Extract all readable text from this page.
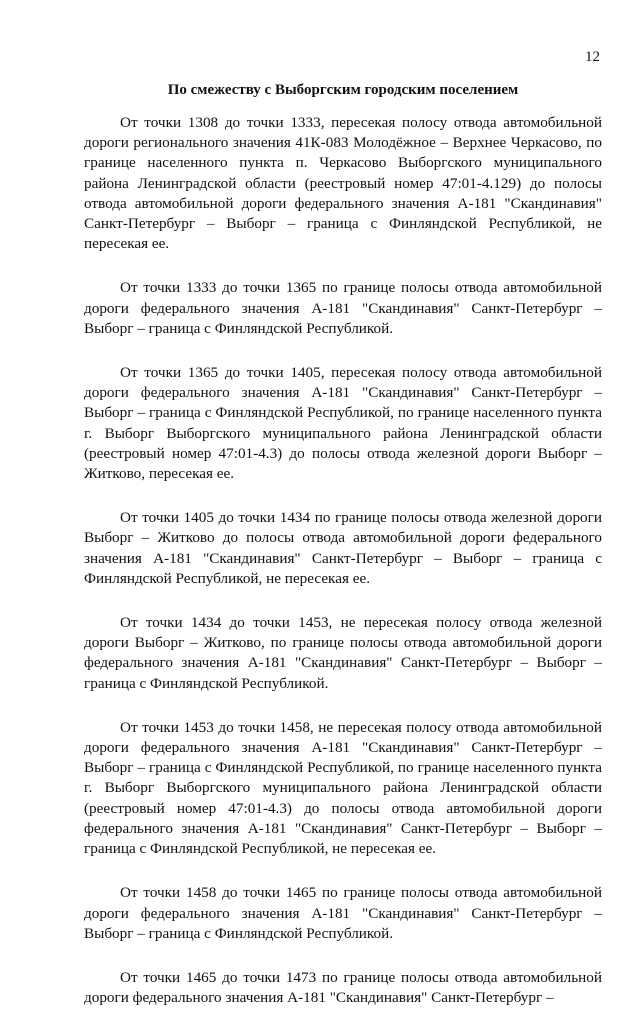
12
По смежеству с Выборгским городским поселением

От точки 1308 до точки 1333, пересекая полосу отвода автомобильной дороги регионального значения 41К-083 Молодёжное – Верхнее Черкасово, по границе населенного пункта п. Черкасово Выборгского муниципального района Ленинградской области (реестровый номер 47:01-4.129) до полосы отвода автомобильной дороги федерального значения А-181 "Скандинавия" Санкт-Петербург – Выборг – граница с Финляндской Республикой, не пересекая ее.

От точки 1333 до точки 1365 по границе полосы отвода автомобильной дороги федерального значения А-181 "Скандинавия" Санкт-Петербург – Выборг – граница с Финляндской Республикой.

От точки 1365 до точки 1405, пересекая полосу отвода автомобильной дороги федерального значения А-181 "Скандинавия" Санкт-Петербург – Выборг – граница с Финляндской Республикой, по границе населенного пункта г. Выборг Выборгского муниципального района Ленинградской области (реестровый номер 47:01-4.3) до полосы отвода железной дороги Выборг – Житково, пересекая ее.

От точки 1405 до точки 1434 по границе полосы отвода железной дороги Выборг – Житково до полосы отвода автомобильной дороги федерального значения А-181 "Скандинавия" Санкт-Петербург – Выборг – граница с Финляндской Республикой, не пересекая ее.

От точки 1434 до точки 1453, не пересекая полосу отвода железной дороги Выборг – Житково, по границе полосы отвода автомобильной дороги федерального значения А-181 "Скандинавия" Санкт-Петербург – Выборг – граница с Финляндской Республикой.

От точки 1453 до точки 1458, не пересекая полосу отвода автомобильной дороги федерального значения А-181 "Скандинавия" Санкт-Петербург – Выборг – граница с Финляндской Республикой, по границе населенного пункта г. Выборг Выборгского муниципального района Ленинградской области (реестровый номер 47:01-4.3) до полосы отвода автомобильной дороги федерального значения А-181 "Скандинавия" Санкт-Петербург – Выборг – граница с Финляндской Республикой, не пересекая ее.

От точки 1458 до точки 1465 по границе полосы отвода автомобильной дороги федерального значения А-181 "Скандинавия" Санкт-Петербург – Выборг – граница с Финляндской Республикой.

От точки 1465 до точки 1473 по границе полосы отвода автомобильной дороги федерального значения А-181 "Скандинавия" Санкт-Петербург –
